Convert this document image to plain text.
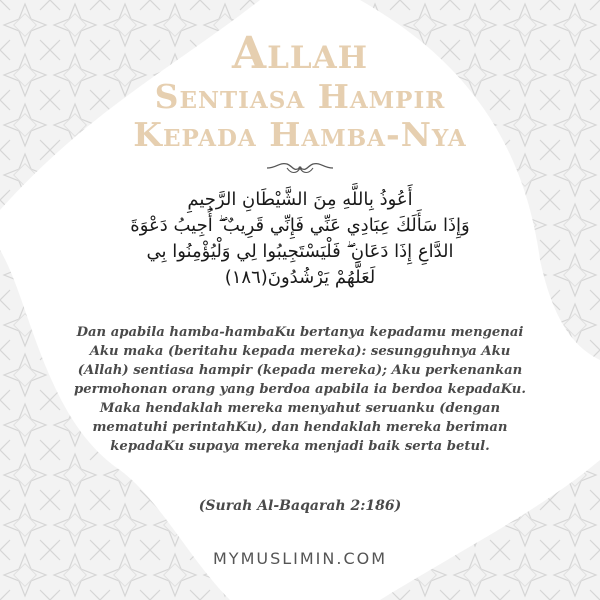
Allah
Sentiasa Hampir
Kepada Hamba-Nya
أَعُوذُ بِاللَّهِ مِنَ الشَّيْطَانِ الرَّجِيمِ
وَإِذَا سَأَلَكَ عِبَادِي عَنِّي فَإِنِّي قَرِيبٌ ۖ أُجِيبُ دَعْوَةَ
الدَّاعِ إِذَا دَعَانِ ۖ فَلْيَسْتَجِيبُوا لِي وَلْيُؤْمِنُوا بِي
لَعَلَّهُمْ يَرْشُدُونَ(١٨٦)
Dan apabila hamba-hambaKu bertanya kepadamu mengenai Aku maka (beritahu kepada mereka): sesungguhnya Aku (Allah) sentiasa hampir (kepada mereka); Aku perkenankan permohonan orang yang berdoa apabila ia berdoa kepadaKu. Maka hendaklah mereka menyahut seruanku (dengan mematuhi perintahKu), dan hendaklah mereka beriman kepadaKu supaya mereka menjadi baik serta betul.
(Surah Al-Baqarah 2:186)
MYMUSLIMIN.COM
